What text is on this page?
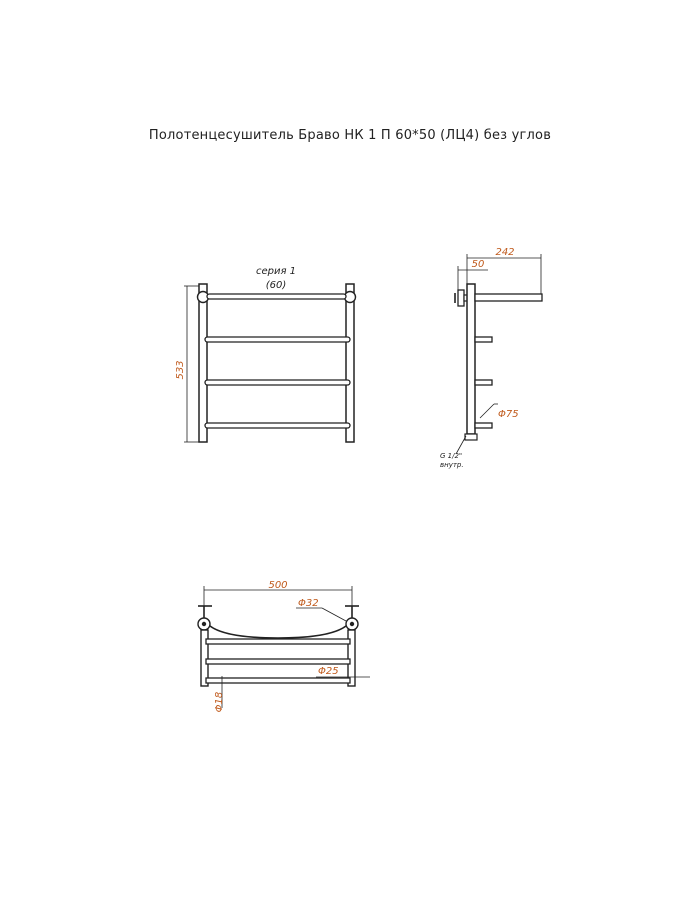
Полотенцесушитель Браво НК 1 П 60*50 (ЛЦ4) без углов
533
серия 1
(60)
242
50
Φ75
G 1/2"
внутр.
500
Φ32
Φ25
Φ18
